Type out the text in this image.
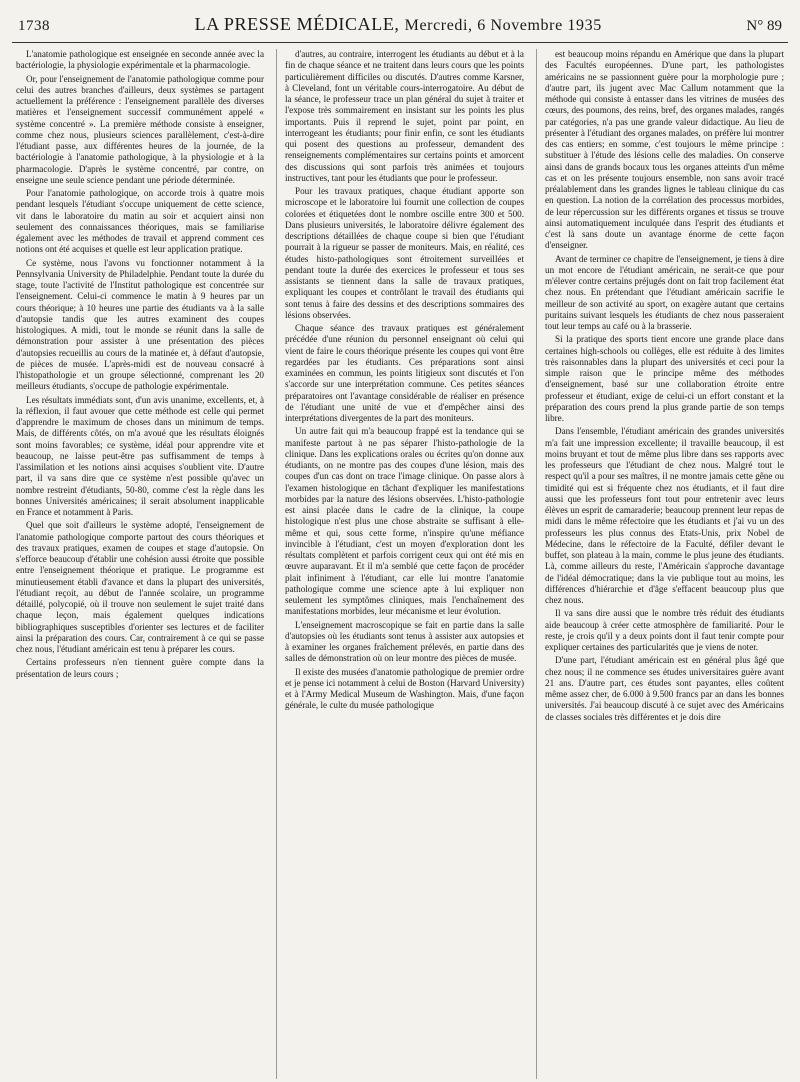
1738	LA PRESSE MÉDICALE, Mercredi, 6 Novembre 1935	N° 89

L'anatomie pathologique est enseignée en seconde année avec la bactériologie, la physiologie expérimentale et la pharmacologie.

Or, pour l'enseignement de l'anatomie pathologique comme pour celui des autres branches d'ailleurs, deux systèmes se partagent actuellement la préférence : l'enseignement parallèle des diverses matières et l'enseignement successif communément appelé « système concentré ». La première méthode consiste à enseigner, comme chez nous, plusieurs sciences parallèlement, c'est-à-dire l'étudiant passe, aux différentes heures de la journée, de la bactériologie à l'anatomie pathologique, à la physiologie et à la pharmacologie. D'après le système concentré, par contre, on enseigne une seule science pendant une période déterminée.

Pour l'anatomie pathologique, on accorde trois à quatre mois pendant lesquels l'étudiant s'occupe uniquement de cette science, vit dans le laboratoire du matin au soir et acquiert ainsi non seulement des connaissances théoriques, mais se familiarise également avec les méthodes de travail et apprend comment ces notions ont été acquises et quelle est leur application pratique.

Ce système, nous l'avons vu fonctionner notamment à la Pennsylvania University de Philadelphie. Pendant toute la durée du stage, toute l'activité de l'Institut pathologique est concentrée sur l'enseignement. Celui-ci commence le matin à 9 heures par un cours théorique; à 10 heures une partie des étudiants va à la salle d'autopsie tandis que les autres examinent des coupes histologiques. A midi, tout le monde se réunit dans la salle de démonstration pour assister à une présentation des pièces d'autopsies recueillis au cours de la matinée et, à défaut d'autopsie, de pièces de musée. L'après-midi est de nouveau consacré à l'histopathologie et un groupe sélectionné, comprenant les 20 meilleurs étudiants, s'occupe de pathologie expérimentale.

Les résultats immédiats sont, d'un avis unanime, excellents, et, à la réflexion, il faut avouer que cette méthode est celle qui permet d'apprendre le maximum de choses dans un minimum de temps. Mais, de différents côtés, on m'a avoué que les résultats éloignés sont moins favorables; ce système, idéal pour apprendre vite et beaucoup, ne laisse peut-être pas suffisamment de temps à l'assimilation et les notions ainsi acquises s'oublient vite. D'autre part, il va sans dire que ce système n'est possible qu'avec un nombre restreint d'étudiants, 50-80, comme c'est la règle dans les bonnes Universités américaines; il serait absolument inapplicable en France et notamment à Paris.

Quel que soit d'ailleurs le système adopté, l'enseignement de l'anatomie pathologique comporte partout des cours théoriques et des travaux pratiques, examen de coupes et stage d'autopsie. On s'efforce beaucoup d'établir une cohésion aussi étroite que possible entre l'enseignement théorique et pratique. Le programme est minutieusement établi d'avance et dans la plupart des universités, l'étudiant reçoit, au début de l'année scolaire, un programme détaillé, polycopié, où il trouve non seulement le sujet traité dans chaque leçon, mais également quelques indications bibliographiques susceptibles d'orienter ses lectures et de faciliter ainsi la préparation des cours. Car, contrairement à ce qui se passe chez nous, l'étudiant américain est tenu à préparer les cours.

Certains professeurs n'en tiennent guère compte dans la présentation de leurs cours ;

d'autres, au contraire, interrogent les étudiants au début et à la fin de chaque séance et ne traitent dans leurs cours que les points particulièrement difficiles ou discutés. D'autres comme Karsner, à Cleveland, font un véritable cours-interrogatoire. Au début de la séance, le professeur trace un plan général du sujet à traiter et l'expose très sommairement en insistant sur les points les plus importants. Puis il reprend le sujet, point par point, en interrogeant les étudiants; pour finir enfin, ce sont les étudiants qui posent des questions au professeur, demandent des renseignements complémentaires sur certains points et amorcent des discussions qui sont parfois très animées et toujours instructives, tant pour les étudiants que pour le professeur.

Pour les travaux pratiques, chaque étudiant apporte son microscope et le laboratoire lui fournit une collection de coupes colorées et étiquetées dont le nombre oscille entre 300 et 500. Dans plusieurs universités, le laboratoire délivre également des descriptions détaillées de chaque coupe si bien que l'étudiant pourrait à la rigueur se passer de moniteurs. Mais, en réalité, ces études histo-pathologiques sont étroitement surveillées et pendant toute la durée des exercices le professeur et tous ses assistants se tiennent dans la salle de travaux pratiques, expliquant les coupes et contrôlant le travail des étudiants qui sont tenus à faire des dessins et des descriptions sommaires des lésions observées.

Chaque séance des travaux pratiques est généralement précédée d'une réunion du personnel enseignant où celui qui vient de faire le cours théorique présente les coupes qui vont être regardées par les étudiants. Ces préparations sont ainsi examinées en commun, les points litigieux sont discutés et l'on s'accorde sur une interprétation commune. Ces petites séances préparatoires ont l'avantage considérable de réaliser en présence de l'étudiant une unité de vue et d'empêcher ainsi des interprétations divergentes de la part des moniteurs.

Un autre fait qui m'a beaucoup frappé est la tendance qui se manifeste partout à ne pas séparer l'histo-pathologie de la clinique. Dans les explications orales ou écrites qu'on donne aux étudiants, on ne montre pas des coupes d'une lésion, mais des coupes d'un cas dont on trace l'image clinique. On passe alors à l'examen histologique en tâchant d'expliquer les manifestations morbides par la nature des lésions observées. L'histo-pathologie est ainsi placée dans le cadre de la clinique, la coupe histologique n'est plus une chose abstraite se suffisant à elle-même et qui, sous cette forme, n'inspire qu'une méfiance invincible à l'étudiant, c'est un moyen d'exploration dont les résultats complètent et parfois corrigent ceux qui ont été mis en œuvre auparavant. Et il m'a semblé que cette façon de procéder plait infiniment à l'étudiant, car elle lui montre l'anatomie pathologique comme une science apte à lui expliquer non seulement les symptômes cliniques, mais l'enchaînement des manifestations morbides, leur mécanisme et leur évolution.

L'enseignement macroscopique se fait en partie dans la salle d'autopsies où les étudiants sont tenus à assister aux autopsies et à examiner les organes fraîchement prélevés, en partie dans des salles de démonstration où on leur montre des pièces de musée.

Il existe des musées d'anatomie pathologique de premier ordre et je pense ici notamment à celui de Boston (Harvard University) et à l'Army Medical Museum de Washington. Mais, d'une façon générale, le culte du musée pathologique

est beaucoup moins répandu en Amérique que dans la plupart des Facultés européennes. D'une part, les pathologistes américains ne se passionnent guère pour la morphologie pure ; d'autre part, ils jugent avec Mac Callum notamment que la méthode qui consiste à entasser dans les vitrines de musées des cœurs, des poumons, des reins, bref, des organes malades, rangés par catégories, n'a pas une grande valeur didactique. Au lieu de présenter à l'étudiant des organes malades, on préfère lui montrer des cas entiers; en somme, c'est toujours le même principe : substituer à l'étude des lésions celle des maladies. On conserve ainsi dans de grands bocaux tous les organes atteints d'un même cas et on les présente toujours ensemble, non sans avoir tracé préalablement dans les grandes lignes le tableau clinique du cas en question. La notion de la corrélation des processus morbides, de leur répercussion sur les différents organes et tissus se trouve ainsi automatiquement inculquée dans l'esprit des étudiants et c'est là sans doute un avantage énorme de cette façon d'enseigner.

Avant de terminer ce chapitre de l'enseignement, je tiens à dire un mot encore de l'étudiant américain, ne serait-ce que pour m'élever contre certains préjugés dont on fait trop facilement état chez nous. En prétendant que l'étudiant américain sacrifie le meilleur de son activité au sport, on exagère autant que certains puritains suivant lesquels les étudiants de chez nous passeraient tout leur temps au café ou à la brasserie.

Si la pratique des sports tient encore une grande place dans certaines high-schools ou collèges, elle est réduite à des limites très raisonnables dans la plupart des universités et ceci pour la simple raison que le principe même des méthodes d'enseignement, basé sur une collaboration étroite entre professeur et étudiant, exige de celui-ci un effort constant et la préparation des cours prend la plus grande partie de son temps libre.

Dans l'ensemble, l'étudiant américain des grandes universités m'a fait une impression excellente; il travaille beaucoup, il est moins bruyant et tout de même plus libre dans ses rapports avec les professeurs que l'étudiant de chez nous. Malgré tout le respect qu'il a pour ses maîtres, il ne montre jamais cette gêne ou timidité qui est si fréquente chez nos étudiants, et il faut dire aussi que les professeurs font tout pour entretenir avec leurs élèves un esprit de camaraderie; beaucoup prennent leur repas de midi dans le même réfectoire que les étudiants et j'ai vu un des professeurs les plus connus des Etats-Unis, prix Nobel de Médecine, dans le réfectoire de la Faculté, défiler devant le buffet, son plateau à la main, comme le plus jeune des étudiants. Là, comme ailleurs du reste, l'Américain s'approche davantage de l'idéal démocratique; dans la vie publique tout au moins, les différences d'hiérarchie et d'âge s'effacent beaucoup plus que chez nous.

Il va sans dire aussi que le nombre très réduit des étudiants aide beaucoup à créer cette atmosphère de familiarité. Pour le reste, je crois qu'il y a deux points dont il faut tenir compte pour expliquer certaines des particularités que je viens de noter.

D'une part, l'étudiant américain est en général plus âgé que chez nous; il ne commence ses études universitaires guère avant 21 ans. D'autre part, ces études sont payantes, elles coûtent même assez cher, de 6.000 à 9.500 francs par an dans les bonnes universités. J'ai beaucoup discuté à ce sujet avec des Américains de classes sociales très différentes et je dois dire
